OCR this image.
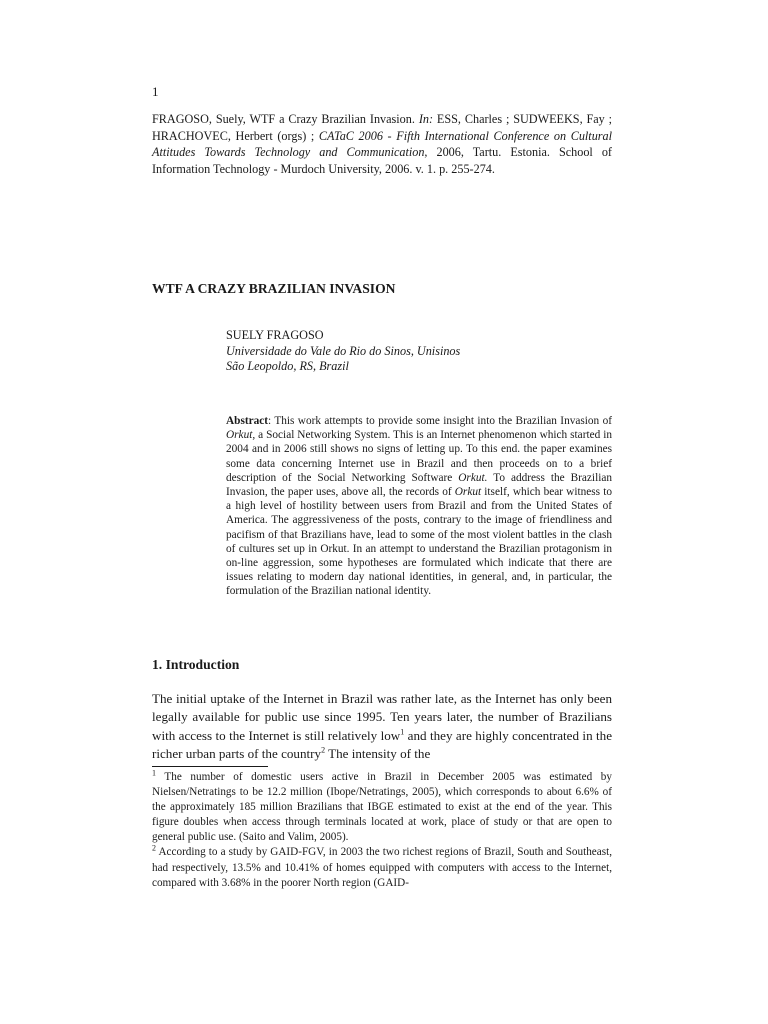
1
FRAGOSO, Suely, WTF a Crazy Brazilian Invasion. In: ESS, Charles ; SUDWEEKS, Fay ; HRACHOVEC, Herbert (orgs) ; CATaC 2006 - Fifth International Conference on Cultural Attitudes Towards Technology and Communication, 2006, Tartu. Estonia. School of Information Technology - Murdoch University, 2006. v. 1. p. 255-274.
WTF A CRAZY BRAZILIAN INVASION
SUELY FRAGOSO
Universidade do Vale do Rio do Sinos, Unisinos
São Leopoldo, RS, Brazil
Abstract: This work attempts to provide some insight into the Brazilian Invasion of Orkut, a Social Networking System. This is an Internet phenomenon which started in 2004 and in 2006 still shows no signs of letting up. To this end. the paper examines some data concerning Internet use in Brazil and then proceeds on to a brief description of the Social Networking Software Orkut. To address the Brazilian Invasion, the paper uses, above all, the records of Orkut itself, which bear witness to a high level of hostility between users from Brazil and from the United States of America. The aggressiveness of the posts, contrary to the image of friendliness and pacifism of that Brazilians have, lead to some of the most violent battles in the clash of cultures set up in Orkut. In an attempt to understand the Brazilian protagonism in on-line aggression, some hypotheses are formulated which indicate that there are issues relating to modern day national identities, in general, and, in particular, the formulation of the Brazilian national identity.
1. Introduction
The initial uptake of the Internet in Brazil was rather late, as the Internet has only been legally available for public use since 1995. Ten years later, the number of Brazilians with access to the Internet is still relatively low$^1$ and they are highly concentrated in the richer urban parts of the country$^2$ The intensity of the
$^1$ The number of domestic users active in Brazil in December 2005 was estimated by Nielsen/Netratings to be 12.2 million (Ibope/Netratings, 2005), which corresponds to about 6.6% of the approximately 185 million Brazilians that IBGE estimated to exist at the end of the year. This figure doubles when access through terminals located at work, place of study or that are open to general public use. (Saito and Valim, 2005).
$^2$ According to a study by GAID-FGV, in 2003 the two richest regions of Brazil, South and Southeast, had respectively, 13.5% and 10.41% of homes equipped with computers with access to the Internet, compared with 3.68% in the poorer North region (GAID-
